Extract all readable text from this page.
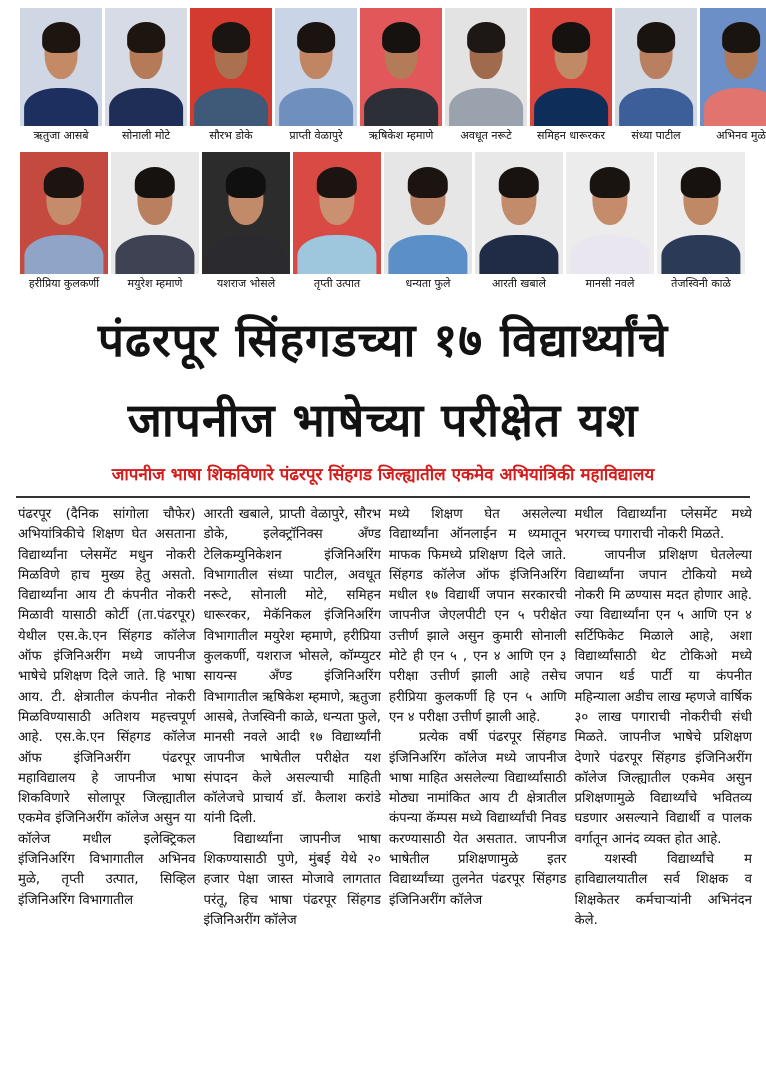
ऋतुजा आसबे	सोनाली मोटे	सौरभ डोके	प्राप्ती वेळापुरे ऋषिकेश म्हमाणे अवधूत नरूटे समिहन धारूरकर संध्या पाटील	अभिनव मुळे
हरीप्रिया कुलकर्णी	मयुरेश म्हमाणे	यशराज भोसले	तृप्ती उत्पात	धन्यता फुले	आरती खबाले	मानसी नवले	तेजस्विनी काळे
पंढरपूर सिंहगडच्या १७ विद्यार्थ्यांचे
जापनीज भाषेच्या परीक्षेत यश
जापनीज भाषा शिकविणारे पंढरपूर सिंहगड जिल्ह्यातील एकमेव अभियांत्रिकी महाविद्यालय

पंढरपूर (दैनिक सांगोला चौफेर) अभियांत्रिकीचे शिक्षण घेत असताना विद्यार्थ्यांना प्लेसमेंट मधुन नोकरी मिळविणे हाच मुख्य हेतु असतो. विद्यार्थ्यांना आय टी कंपनीत नोकरी मिळावी यासाठी कोर्टी (ता.पंढरपूर) येथील एस.के.एन सिंहगड कॉलेज ऑफ इंजिनिअरींग मध्ये जापनीज भाषेचे प्रशिक्षण दिले जाते. हि भाषा आय. टी. क्षेत्रातील कंपनीत नोकरी मिळविण्यासाठी अतिशय महत्त्वपूर्ण आहे. एस.के.एन सिंहगड कॉलेज ऑफ इंजिनिअरींग पंढरपूर महाविद्यालय हे जापनीज भाषा शिकविणारे सोलापूर जिल्ह्यातील एकमेव इंजिनिअरींग कॉलेज असुन या कॉलेज मधील इलेक्ट्रिकल इंजिनिअरिंग विभागातील अभिनव मुळे, तृप्ती उत्पात, सिव्हिल इंजिनिअरिंग विभागातील

आरती खबाले, प्राप्ती वेळापुरे, सौरभ डोके, इलेक्ट्रॉनिक्स अँण्ड टेलिकम्युनिकेशन इंजिनिअरिंग विभागातील संध्या पाटील, अवधूत नरूटे, सोनाली मोटे, समिहन धारूरकर, मेकॅनिकल इंजिनिअरिंग विभागातील मयुरेश म्हमाणे, हरीप्रिया कुलकर्णी, यशराज भोसले, कॉम्प्युटर सायन्स अँण्ड इंजिनिअरिंग विभागातील ऋषिकेश म्हमाणे, ऋतुजा आसबे, तेजस्विनी काळे, धन्यता फुले, मानसी नवले आदी १७ विद्यार्थ्यांनी जापनीज भाषेतील परीक्षेत यश संपादन केले असल्याची माहिती कॉलेजचे प्राचार्य डॉ. कैलाश करांडे यांनी दिली.

विद्यार्थ्यांना जापनीज भाषा शिकण्यासाठी पुणे, मुंबई येथे २० हजार पेक्षा जास्त मोजावे लागतात परंतू, हिच भाषा पंढरपूर सिंहगड इंजिनिअरींग कॉलेज

मध्ये शिक्षण घेत असलेल्या विद्यार्थ्यांना ऑनलाईन म ध्यमातून माफक फिमध्ये प्रशिक्षण दिले जाते. सिंहगड कॉलेज ऑफ इंजिनिअरिंग मधील १७ विद्यार्थी जपान सरकारची जापनीज जेएलपीटी एन ५ परीक्षेत उत्तीर्ण झाले असुन कुमारी सोनाली मोटे ही एन ५ , एन ४ आणि एन ३ परीक्षा उत्तीर्ण झाली आहे तसेच हरीप्रिया कुलकर्णी हि एन ५ आणि एन ४ परीक्षा उत्तीर्ण झाली आहे.

प्रत्येक वर्षी पंढरपूर सिंहगड इंजिनिअरिंग कॉलेज मध्ये जापनीज भाषा माहित असलेल्या विद्यार्थ्यांसाठी मोठ्या नामांकित आय टी क्षेत्रातील कंपन्या कॅम्पस मध्ये विद्यार्थ्यांची निवड करण्यासाठी येत असतात. जापनीज भाषेतील प्रशिक्षणामुळे इतर विद्यार्थ्यांच्या तुलनेत पंढरपूर सिंहगड इंजिनिअरींग कॉलेज

मधील विद्यार्थ्यांना प्लेसमेंट मध्ये भरगच्च पगाराची नोकरी मिळते.

जापनीज प्रशिक्षण घेतलेल्या विद्यार्थ्यांना जपान टोकियो मध्ये नोकरी मि ळण्यास मदत होणार आहे. ज्या विद्यार्थ्यांना एन ५ आणि एन ४ सर्टिफिकेट मिळाले आहे, अशा विद्यार्थ्यांसाठी थेट टोकिओ मध्ये जपान थर्ड पार्टी या कंपनीत महिन्याला अडीच लाख म्हणजे वार्षिक ३० लाख पगाराची नोकरीची संधी मिळते. जापनीज भाषेचे प्रशिक्षण देणारे पंढरपूर सिंहगड इंजिनिअरींग कॉलेज जिल्ह्यातील एकमेव असुन प्रशिक्षणामुळे विद्यार्थ्यांचे भवितव्य घडणार असल्याने विद्यार्थी व पालक वर्गातून आनंद व्यक्त होत आहे.

यशस्वी विद्यार्थ्यांचे म हाविद्यालयातील सर्व शिक्षक व शिक्षकेतर कर्मचार्‍यांनी अभिनंदन केले.
